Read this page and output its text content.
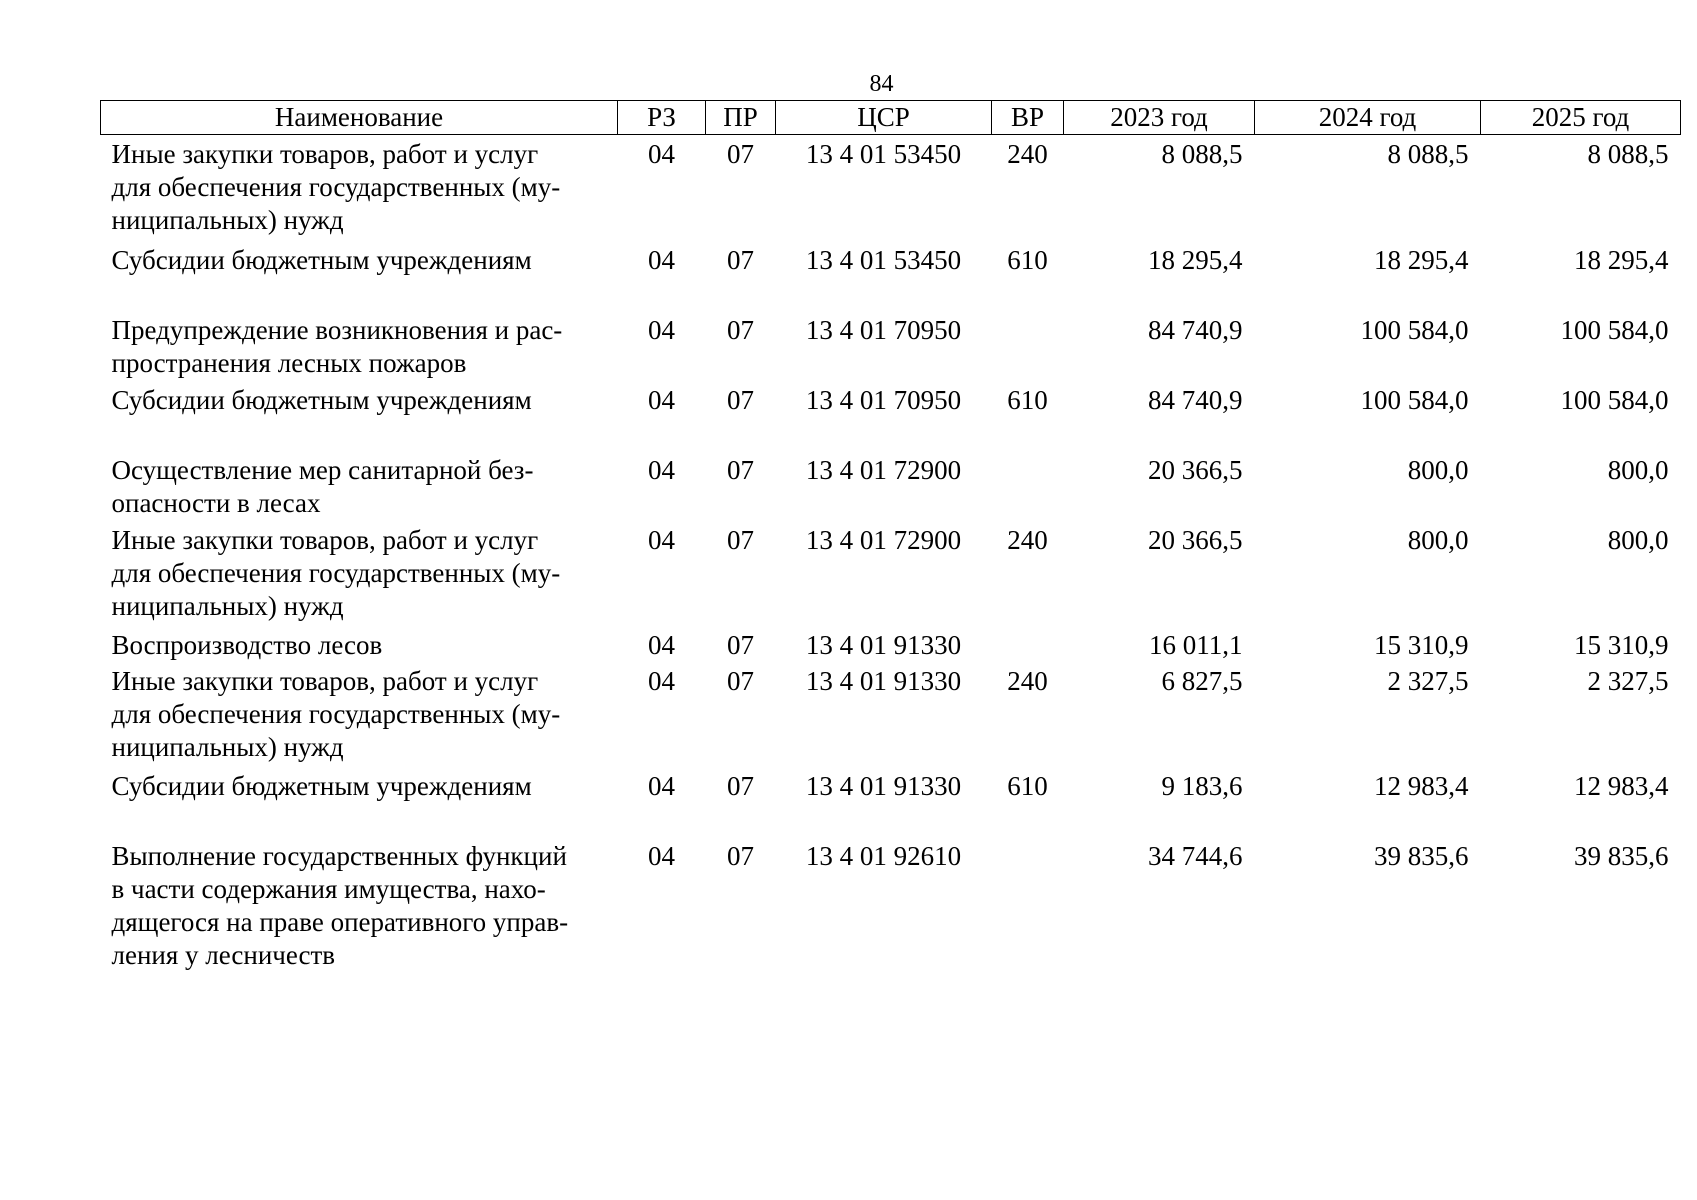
84
Наименование	РЗ	ПР	ЦСР	ВР	2023 год	2024 год	2025 год
Иные закупки товаров, работ и услуг
для обеспечения государственных (му-
ниципальных) нужд	04	07	13 4 01 53450	240	8 088,5	8 088,5	8 088,5
Субсидии бюджетным учреждениям	04	07	13 4 01 53450	610	18 295,4	18 295,4	18 295,4
Предупреждение возникновения и рас-
пространения лесных пожаров	04	07	13 4 01 70950		84 740,9	100 584,0	100 584,0
Субсидии бюджетным учреждениям	04	07	13 4 01 70950	610	84 740,9	100 584,0	100 584,0
Осуществление мер санитарной без-
опасности в лесах	04	07	13 4 01 72900		20 366,5	800,0	800,0
Иные закупки товаров, работ и услуг
для обеспечения государственных (му-
ниципальных) нужд	04	07	13 4 01 72900	240	20 366,5	800,0	800,0
Воспроизводство лесов	04	07	13 4 01 91330		16 011,1	15 310,9	15 310,9
Иные закупки товаров, работ и услуг
для обеспечения государственных (му-
ниципальных) нужд	04	07	13 4 01 91330	240	6 827,5	2 327,5	2 327,5
Субсидии бюджетным учреждениям	04	07	13 4 01 91330	610	9 183,6	12 983,4	12 983,4
Выполнение государственных функций
в части содержания имущества, нахо-
дящегося на праве оперативного управ-
ления у лесничеств	04	07	13 4 01 92610		34 744,6	39 835,6	39 835,6
